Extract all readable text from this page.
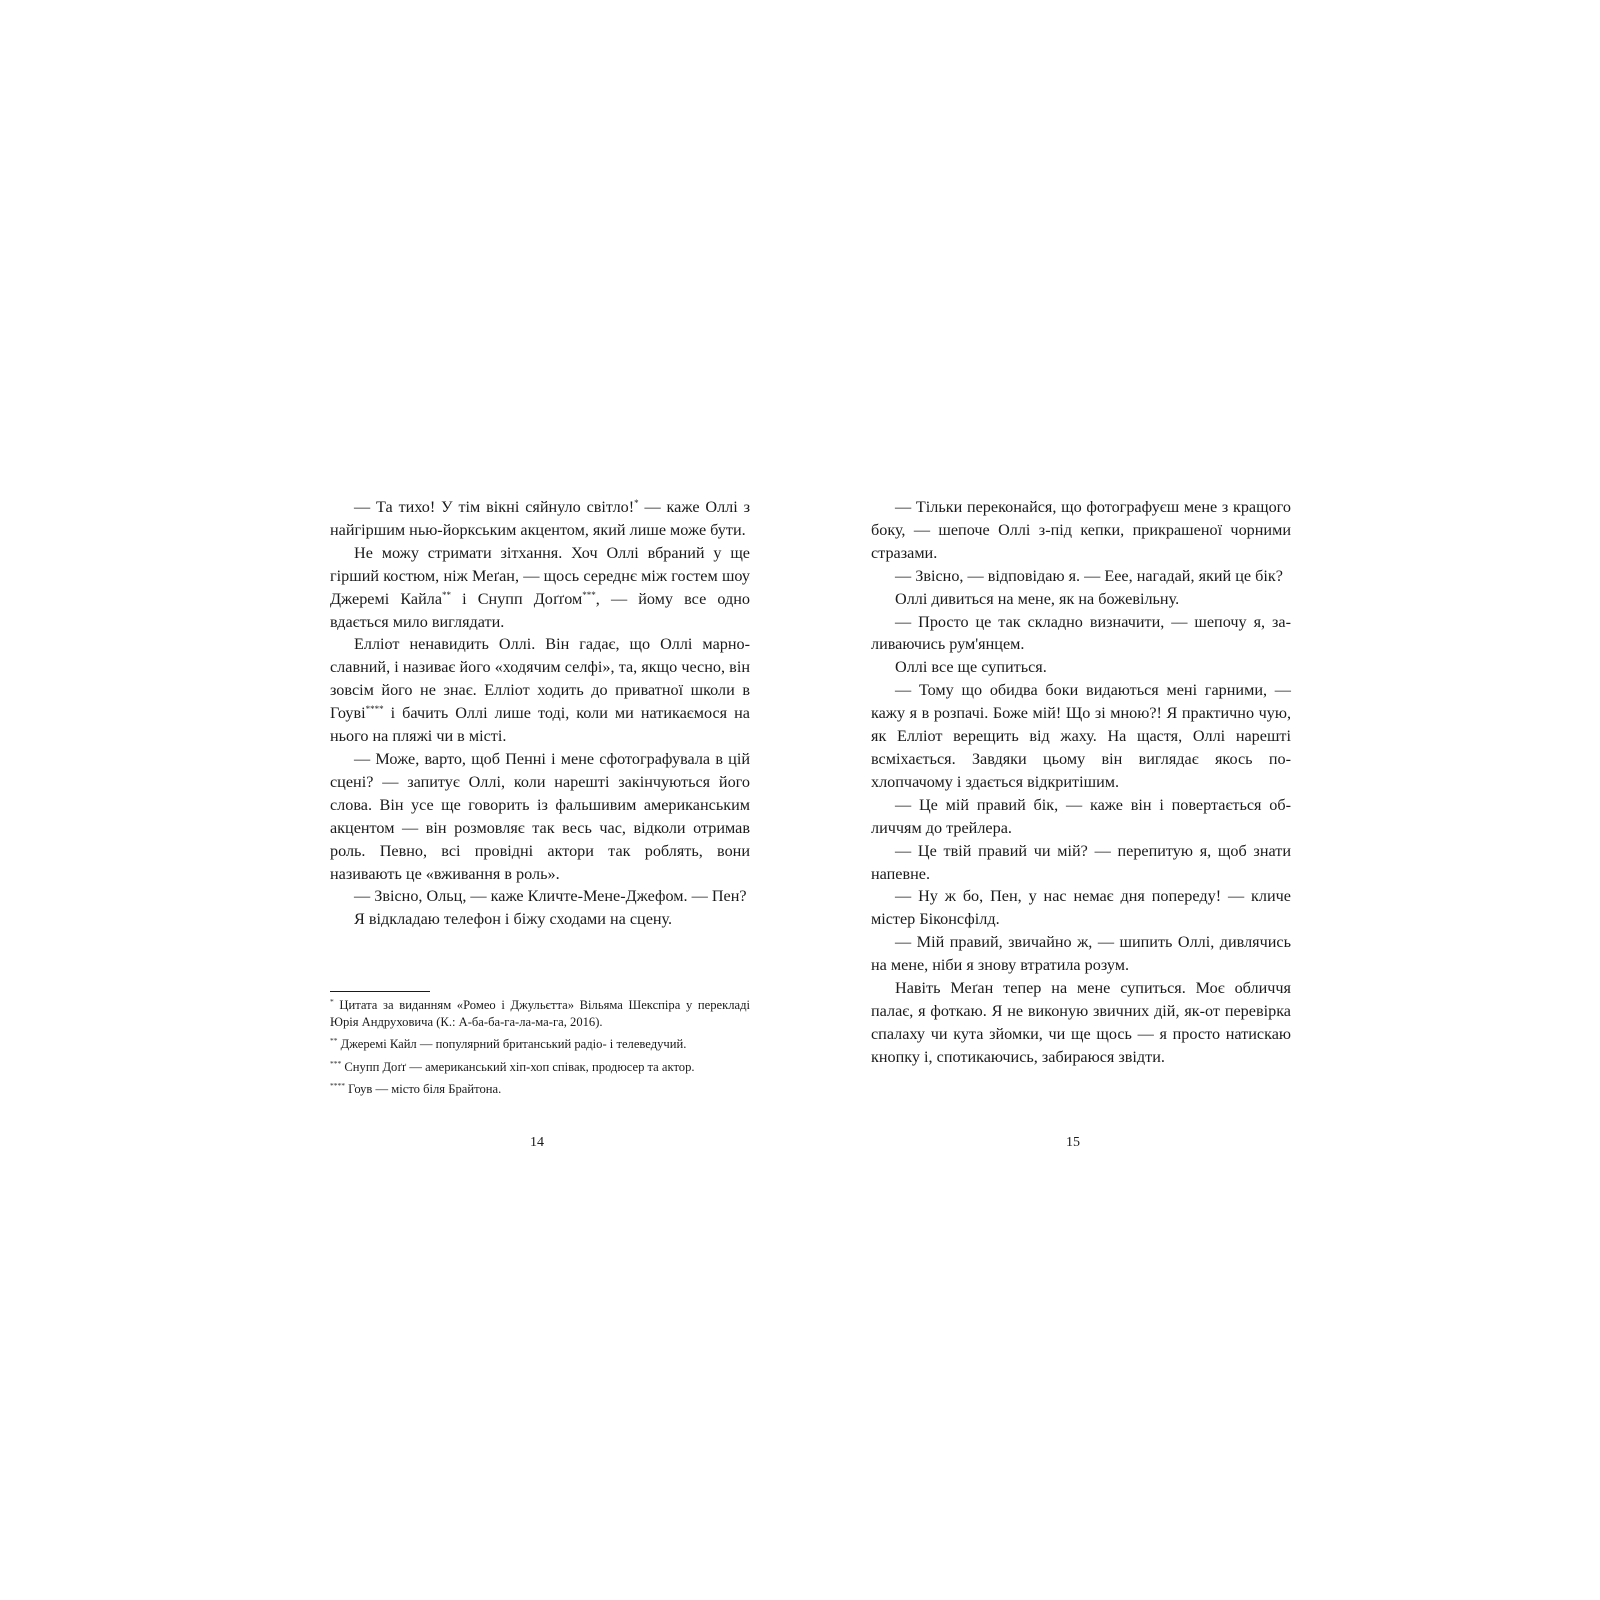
— Та тихо! У тім вікні сяйнуло світло!* — каже Оллі з найгіршим нью-йоркським акцентом, який лише може бути.

Не можу стримати зітхання. Хоч Оллі вбраний у ще гірший костюм, ніж Меґан, — щось середнє між гостем шоу Джеремі Кайла** і Снупп Доґґом***, — йому все одно вдається мило виглядати.

Елліот ненавидить Оллі. Він гадає, що Оллі марнославний, і називає його «ходячим селфі», та, якщо чесно, він зовсім його не знає. Елліот ходить до приватної школи в Гоуві**** і бачить Оллі лише тоді, коли ми натикаємося на нього на пляжі чи в місті.

— Може, варто, щоб Пенні і мене сфотографувала в цій сцені? — запитує Оллі, коли нарешті закінчуються його слова. Він усе ще говорить із фальшивим американським акцентом — він розмовляє так весь час, відколи отримав роль. Певно, всі провідні актори так роблять, вони називають це «вживання в роль».

— Звісно, Ольц, — каже Кличте-Мене-Джефом. — Пен?

Я відкладаю телефон і біжу сходами на сцену.

* Цитата за виданням «Ромео і Джульєтта» Вільяма Шекспіра у перекладі Юрія Андруховича (К.: А-ба-ба-га-ла-ма-га, 2016).
** Джеремі Кайл — популярний британський радіо- і телеведучий.
*** Снупп Доґґ — американський хіп-хоп співак, продюсер та актор.
**** Гоув — місто біля Брайтона.
14

— Тільки переконайся, що фотографуєш мене з кращого боку, — шепоче Оллі з-під кепки, прикрашеної чорними стразами.

— Звісно, — відповідаю я. — Еее, нагадай, який це бік?

Оллі дивиться на мене, як на божевільну.

— Просто це так складно визначити, — шепочу я, заливаючись рум'янцем.

Оллі все ще супиться.

— Тому що обидва боки видаються мені гарними, — кажу я в розпачі. Боже мій! Що зі мною?! Я практично чую, як Елліот верещить від жаху. На щастя, Оллі нарешті всміхається. Завдяки цьому він виглядає якось по-хлопчачому і здається відкритішим.

— Це мій правий бік, — каже він і повертається обличчям до трейлера.

— Це твій правий чи мій? — перепитую я, щоб знати напевне.

— Ну ж бо, Пен, у нас немає дня попереду! — кличе містер Біконсфілд.

— Мій правий, звичайно ж, — шипить Оллі, дивлячись на мене, ніби я знову втратила розум.

Навіть Меґан тепер на мене супиться. Моє обличчя палає, я фоткаю. Я не виконую звичних дій, як-от перевірка спалаху чи кута зйомки, чи ще щось — я просто натискаю кнопку і, спотикаючись, забираюся звідти.

15
